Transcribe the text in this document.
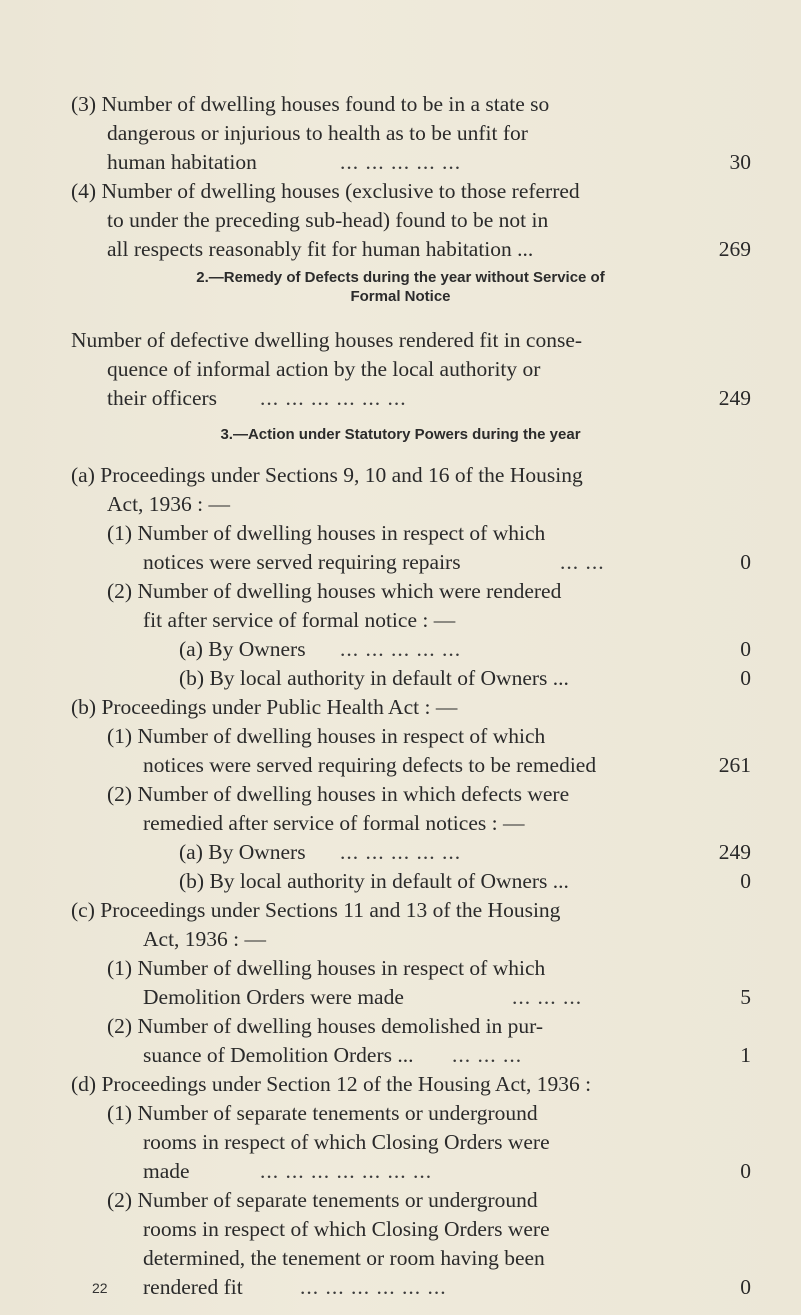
(3) Number of dwelling houses found to be in a state so
dangerous or injurious to health as to be unfit for
human habitation	... ... ... ... ...	30
(4) Number of dwelling houses (exclusive to those referred
to under the preceding sub-head) found to be not in
all respects reasonably fit for human habitation ...	269
2.—Remedy of Defects during the year without Service of
Formal Notice
Number of defective dwelling houses rendered fit in conse-
quence of informal action by the local authority or
their officers ... ... ... ... ... ...	249
3.—Action under Statutory Powers during the year
(a) Proceedings under Sections 9, 10 and 16 of the Housing
Act, 1936 : —
(1) Number of dwelling houses in respect of which
notices were served requiring repairs	... ...	0
(2) Number of dwelling houses which were rendered
fit after service of formal notice : —
(a) By Owners ... ... ... ... ...	0
(b) By local authority in default of Owners ...	0
(b) Proceedings under Public Health Act : —
(1) Number of dwelling houses in respect of which
notices were served requiring defects to be remedied	261
(2) Number of dwelling houses in which defects were
remedied after service of formal notices : —
(a) By Owners ... ... ... ... ...	249
(b) By local authority in default of Owners ...	0
(c) Proceedings under Sections 11 and 13 of the Housing
Act, 1936 : —
(1) Number of dwelling houses in respect of which
Demolition Orders were made	... ... ...	5
(2) Number of dwelling houses demolished in pur-
suance of Demolition Orders ... ... ... ...	1
(d) Proceedings under Section 12 of the Housing Act, 1936 :
(1) Number of separate tenements or underground
rooms in respect of which Closing Orders were
made	... ... ... ... ... ... ...	0
(2) Number of separate tenements or underground
rooms in respect of which Closing Orders were
determined, the tenement or room having been
rendered fit	... ... ... ... ... ...	0
22
